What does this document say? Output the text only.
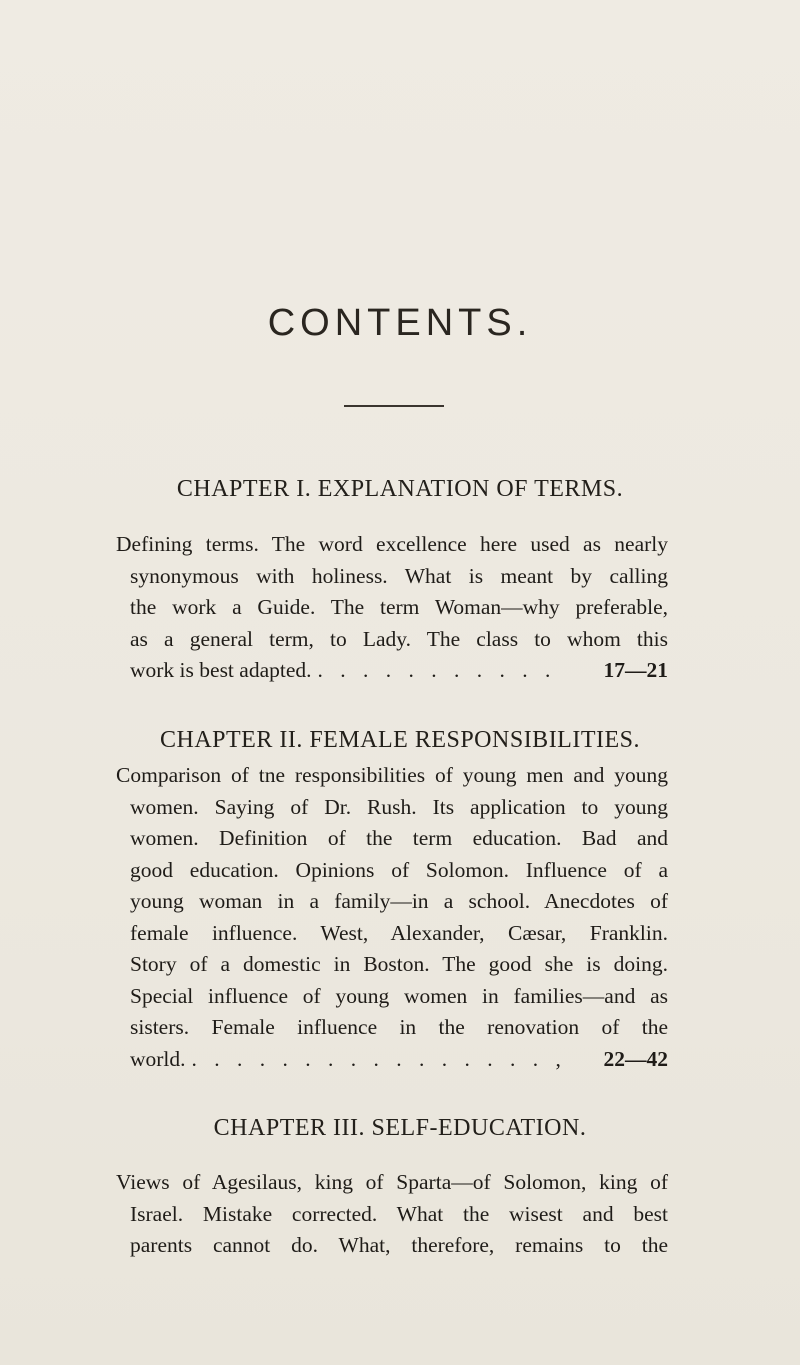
CONTENTS.
CHAPTER I. EXPLANATION OF TERMS.
Defining terms. The word excellence here used as nearly
synonymous with holiness. What is meant by calling
the work a Guide. The term Woman—why preferable,
as a general term, to Lady. The class to whom this
work is best adapted. . . . . . . . . . . .	17—21
CHAPTER II. FEMALE RESPONSIBILITIES.
Comparison of tne responsibilities of young men and young
women. Saying of Dr. Rush. Its application to young
women. Definition of the term education. Bad and
good education. Opinions of Solomon. Influence of a
young woman in a family—in a school. Anecdotes of
female influence. West, Alexander, Cæsar, Franklin.
Story of a domestic in Boston. The good she is doing.
Special influence of young women in families—and as
sisters. Female influence in the renovation of the
world. . . . . . . . . . . . . . . . . ,	22—42
CHAPTER III. SELF-EDUCATION.
Views of Agesilaus, king of Sparta—of Solomon, king of
Israel. Mistake corrected. What the wisest and best
parents cannot do. What, therefore, remains to the
